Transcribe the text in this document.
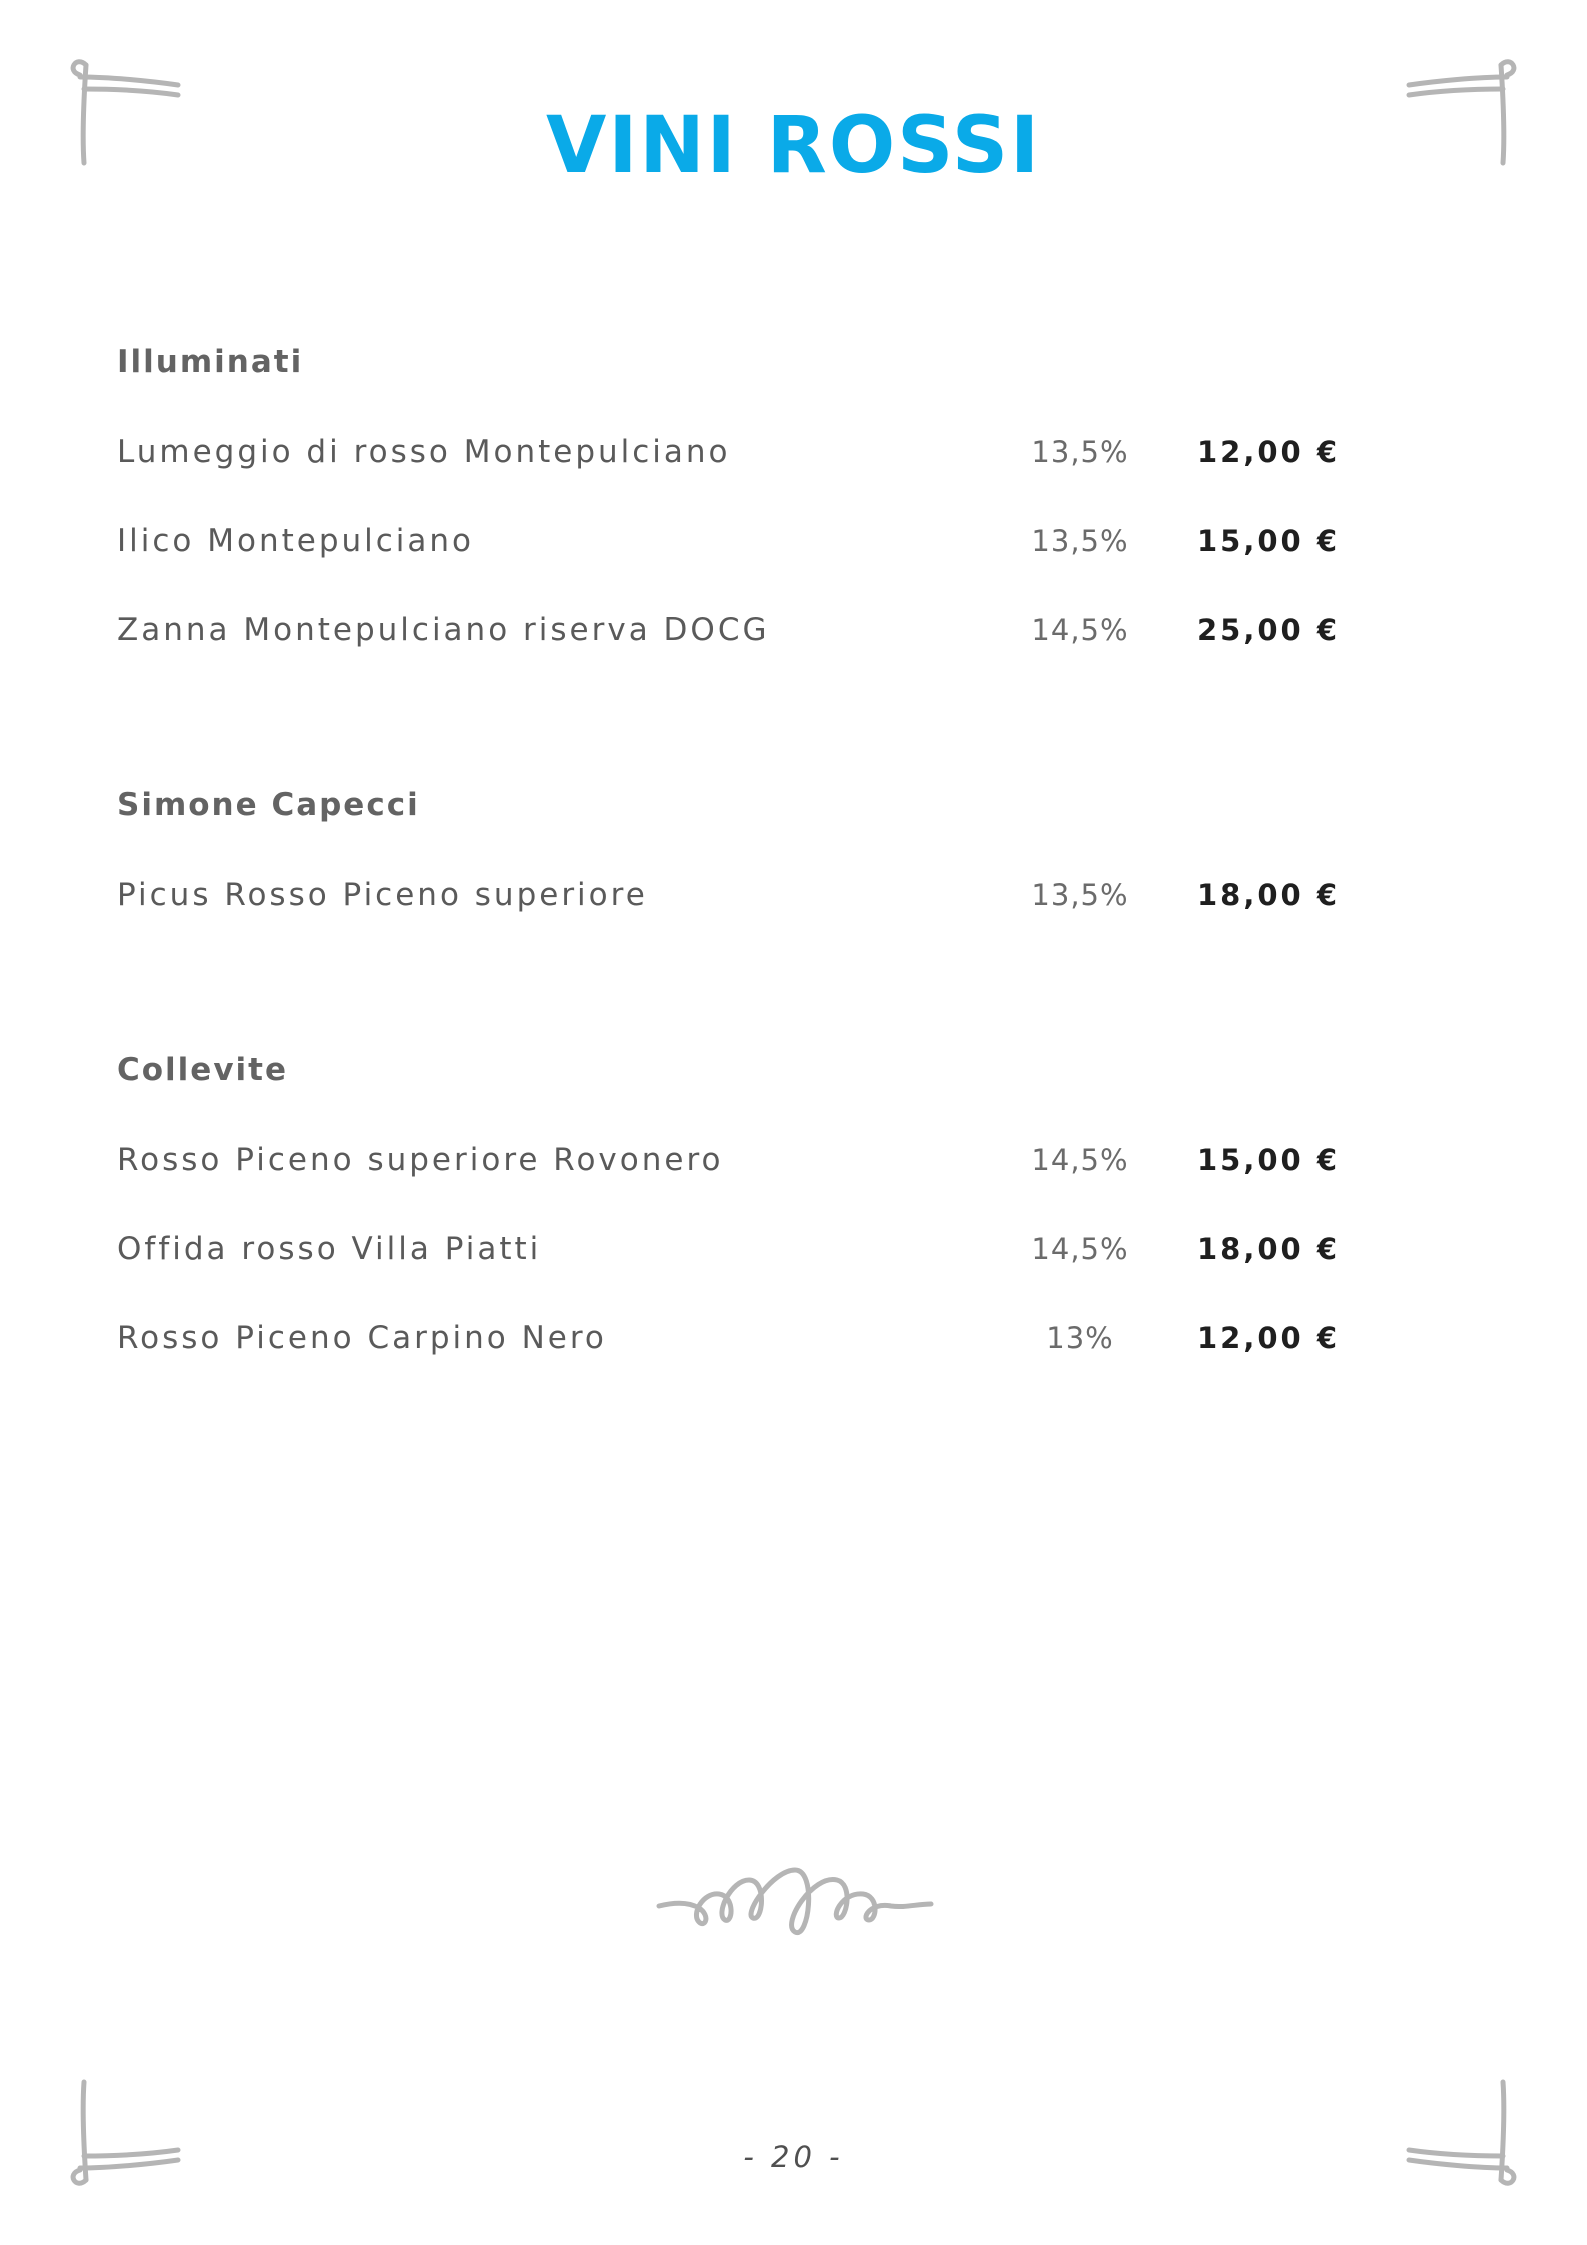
VINI ROSSI
Illuminati
Lumeggio di rosso Montepulciano	13,5%	12,00 €
Ilico Montepulciano	13,5%	15,00 €
Zanna Montepulciano riserva DOCG	14,5%	25,00 €
Simone Capecci
Picus Rosso Piceno superiore	13,5%	18,00 €
Collevite
Rosso Piceno superiore Rovonero	14,5%	15,00 €
Offida rosso Villa Piatti	14,5%	18,00 €
Rosso Piceno Carpino Nero	13%	12,00 €
- 20 -
